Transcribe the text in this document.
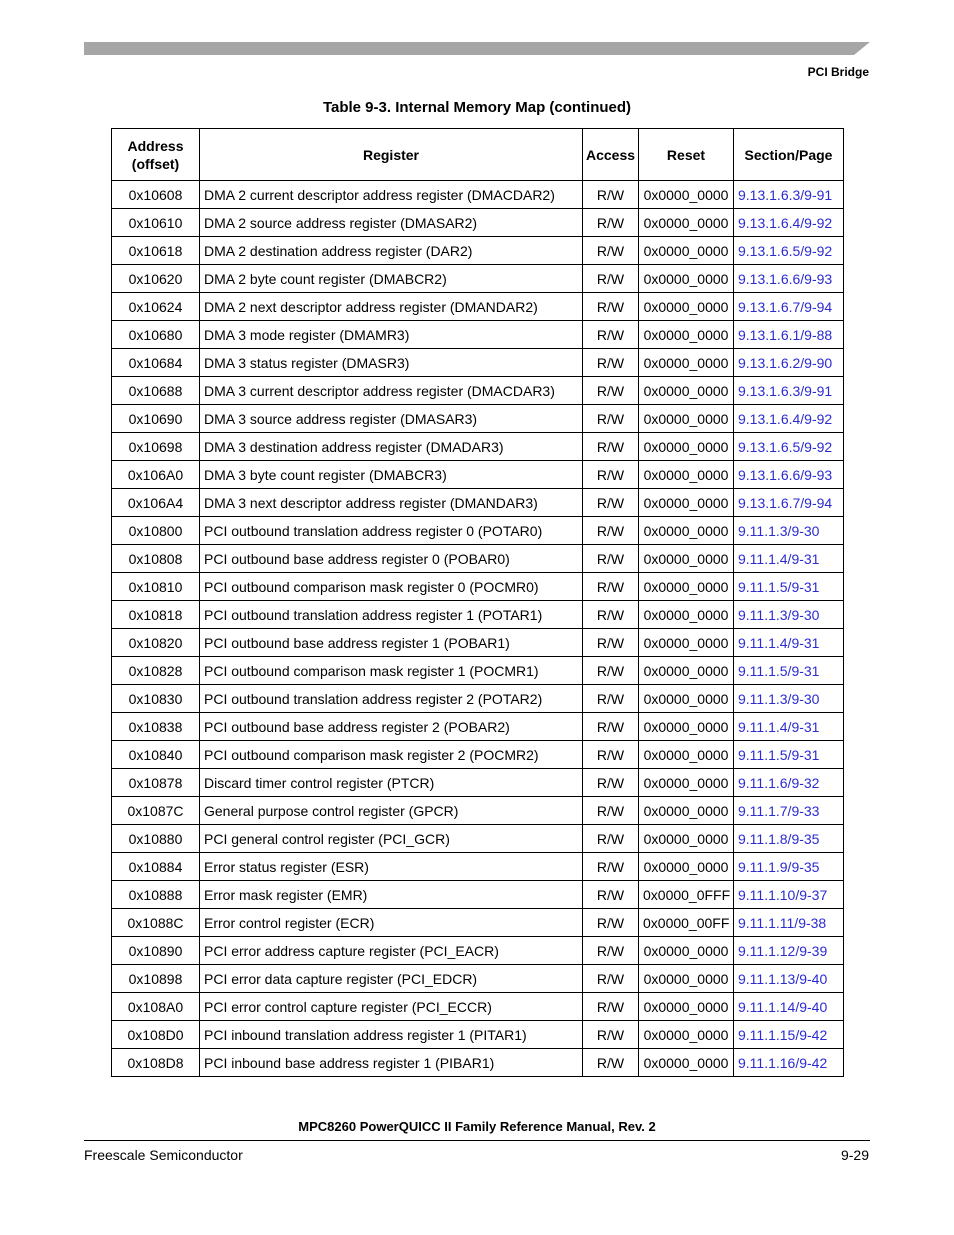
PCI Bridge
Table 9-3. Internal Memory Map (continued)
Address (offset)	Register	Access	Reset	Section/Page
0x10608	DMA 2 current descriptor address register (DMACDAR2)	R/W	0x0000_0000	9.13.1.6.3/9-91
0x10610	DMA 2 source address register (DMASAR2)	R/W	0x0000_0000	9.13.1.6.4/9-92
0x10618	DMA 2 destination address register (DAR2)	R/W	0x0000_0000	9.13.1.6.5/9-92
0x10620	DMA 2 byte count register (DMABCR2)	R/W	0x0000_0000	9.13.1.6.6/9-93
0x10624	DMA 2 next descriptor address register (DMANDAR2)	R/W	0x0000_0000	9.13.1.6.7/9-94
0x10680	DMA 3 mode register (DMAMR3)	R/W	0x0000_0000	9.13.1.6.1/9-88
0x10684	DMA 3 status register (DMASR3)	R/W	0x0000_0000	9.13.1.6.2/9-90
0x10688	DMA 3 current descriptor address register (DMACDAR3)	R/W	0x0000_0000	9.13.1.6.3/9-91
0x10690	DMA 3 source address register (DMASAR3)	R/W	0x0000_0000	9.13.1.6.4/9-92
0x10698	DMA 3 destination address register (DMADAR3)	R/W	0x0000_0000	9.13.1.6.5/9-92
0x106A0	DMA 3 byte count register (DMABCR3)	R/W	0x0000_0000	9.13.1.6.6/9-93
0x106A4	DMA 3 next descriptor address register (DMANDAR3)	R/W	0x0000_0000	9.13.1.6.7/9-94
0x10800	PCI outbound translation address register 0 (POTAR0)	R/W	0x0000_0000	9.11.1.3/9-30
0x10808	PCI outbound base address register 0 (POBAR0)	R/W	0x0000_0000	9.11.1.4/9-31
0x10810	PCI outbound comparison mask register 0 (POCMR0)	R/W	0x0000_0000	9.11.1.5/9-31
0x10818	PCI outbound translation address register 1 (POTAR1)	R/W	0x0000_0000	9.11.1.3/9-30
0x10820	PCI outbound base address register 1 (POBAR1)	R/W	0x0000_0000	9.11.1.4/9-31
0x10828	PCI outbound comparison mask register 1 (POCMR1)	R/W	0x0000_0000	9.11.1.5/9-31
0x10830	PCI outbound translation address register 2 (POTAR2)	R/W	0x0000_0000	9.11.1.3/9-30
0x10838	PCI outbound base address register 2 (POBAR2)	R/W	0x0000_0000	9.11.1.4/9-31
0x10840	PCI outbound comparison mask register 2 (POCMR2)	R/W	0x0000_0000	9.11.1.5/9-31
0x10878	Discard timer control register (PTCR)	R/W	0x0000_0000	9.11.1.6/9-32
0x1087C	General purpose control register (GPCR)	R/W	0x0000_0000	9.11.1.7/9-33
0x10880	PCI general control register (PCI_GCR)	R/W	0x0000_0000	9.11.1.8/9-35
0x10884	Error status register (ESR)	R/W	0x0000_0000	9.11.1.9/9-35
0x10888	Error mask register (EMR)	R/W	0x0000_0FFF	9.11.1.10/9-37
0x1088C	Error control register (ECR)	R/W	0x0000_00FF	9.11.1.11/9-38
0x10890	PCI error address capture register (PCI_EACR)	R/W	0x0000_0000	9.11.1.12/9-39
0x10898	PCI error data capture register (PCI_EDCR)	R/W	0x0000_0000	9.11.1.13/9-40
0x108A0	PCI error control capture register (PCI_ECCR)	R/W	0x0000_0000	9.11.1.14/9-40
0x108D0	PCI inbound translation address register 1 (PITAR1)	R/W	0x0000_0000	9.11.1.15/9-42
0x108D8	PCI inbound base address register 1 (PIBAR1)	R/W	0x0000_0000	9.11.1.16/9-42
MPC8260 PowerQUICC II Family Reference Manual, Rev. 2
Freescale Semiconductor	9-29
